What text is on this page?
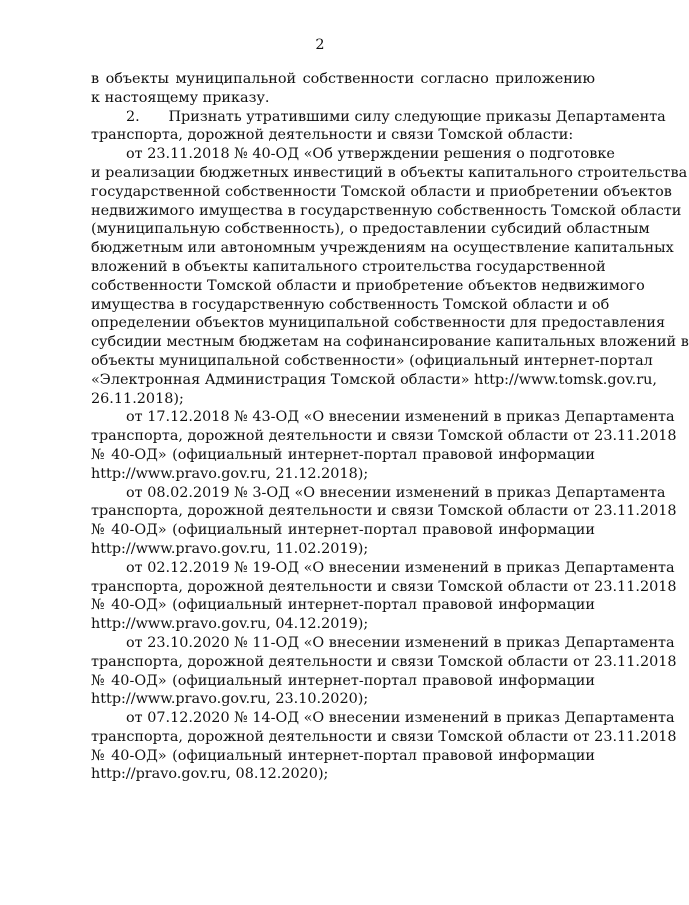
2
в объекты муниципальной собственности согласно приложению
к настоящему приказу.
2.  Признать утратившими силу следующие приказы Департамента
транспорта, дорожной деятельности и связи Томской области:
от 23.11.2018 № 40-ОД «Об утверждении решения о подготовке
и реализации бюджетных инвестиций в объекты капитального строительства
государственной собственности Томской области и приобретении объектов
недвижимого имущества в государственную собственность Томской области
(муниципальную собственность), о предоставлении субсидий областным
бюджетным или автономным учреждениям на осуществление капитальных
вложений в объекты капитального строительства государственной
собственности Томской области и приобретение объектов недвижимого
имущества в государственную собственность Томской области и об
определении объектов муниципальной собственности для предоставления
субсидии местным бюджетам на софинансирование капитальных вложений в
объекты муниципальной собственности» (официальный интернет-портал
«Электронная Администрация Томской области» http://www.tomsk.gov.ru,
26.11.2018);
от 17.12.2018 № 43-ОД «О внесении изменений в приказ Департамента
транспорта, дорожной деятельности и связи Томской области от 23.11.2018
№ 40-ОД» (официальный интернет-портал правовой информации
http://www.pravo.gov.ru, 21.12.2018);
от 08.02.2019 № 3-ОД «О внесении изменений в приказ Департамента
транспорта, дорожной деятельности и связи Томской области от 23.11.2018
№ 40-ОД» (официальный интернет-портал правовой информации
http://www.pravo.gov.ru, 11.02.2019);
от 02.12.2019 № 19-ОД «О внесении изменений в приказ Департамента
транспорта, дорожной деятельности и связи Томской области от 23.11.2018
№ 40-ОД» (официальный интернет-портал правовой информации
http://www.pravo.gov.ru, 04.12.2019);
от 23.10.2020 № 11-ОД «О внесении изменений в приказ Департамента
транспорта, дорожной деятельности и связи Томской области от 23.11.2018
№ 40-ОД» (официальный интернет-портал правовой информации
http://www.pravo.gov.ru, 23.10.2020);
от 07.12.2020 № 14-ОД «О внесении изменений в приказ Департамента
транспорта, дорожной деятельности и связи Томской области от 23.11.2018
№ 40-ОД» (официальный интернет-портал правовой информации
http://pravo.gov.ru, 08.12.2020);
